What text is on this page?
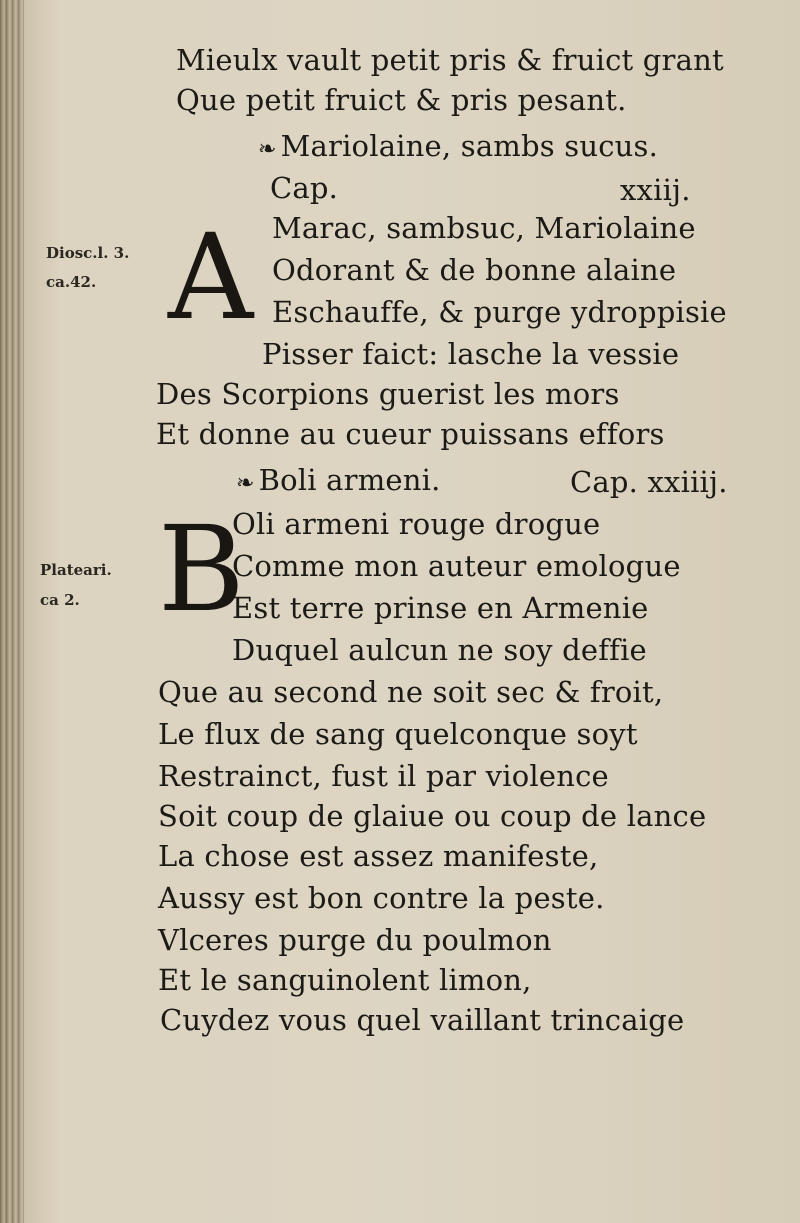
Diosc.l. 3.
ca.42.
Plateari.
ca 2.
A
B
Mieulx vault petit pris & fruict grant
Que petit fruict & pris pesant.
❧ Mariolaine, sambs sucus.
Cap.	xxiij.
Marac, sambsuc, Mariolaine
Odorant & de bonne alaine
Eschauffe, & purge ydroppisie
Pisser faict: lasche la vessie
Des Scorpions guerist les mors
Et donne au cueur puissans effors
❧ Boli armeni.	Cap. xxiiij.
Oli armeni rouge drogue
Comme mon auteur emologue
Est terre prinse en Armenie
Duquel aulcun ne soy deffie
Que au second ne soit sec & froit,
Le flux de sang quelconque soyt
Restrainct, fust il par violence
Soit coup de glaiue ou coup de lance
La chose est assez manifeste,
Aussy est bon contre la peste.
Vlceres purge du poulmon
Et le sanguinolent limon,
Cuydez vous quel vaillant trincaige
